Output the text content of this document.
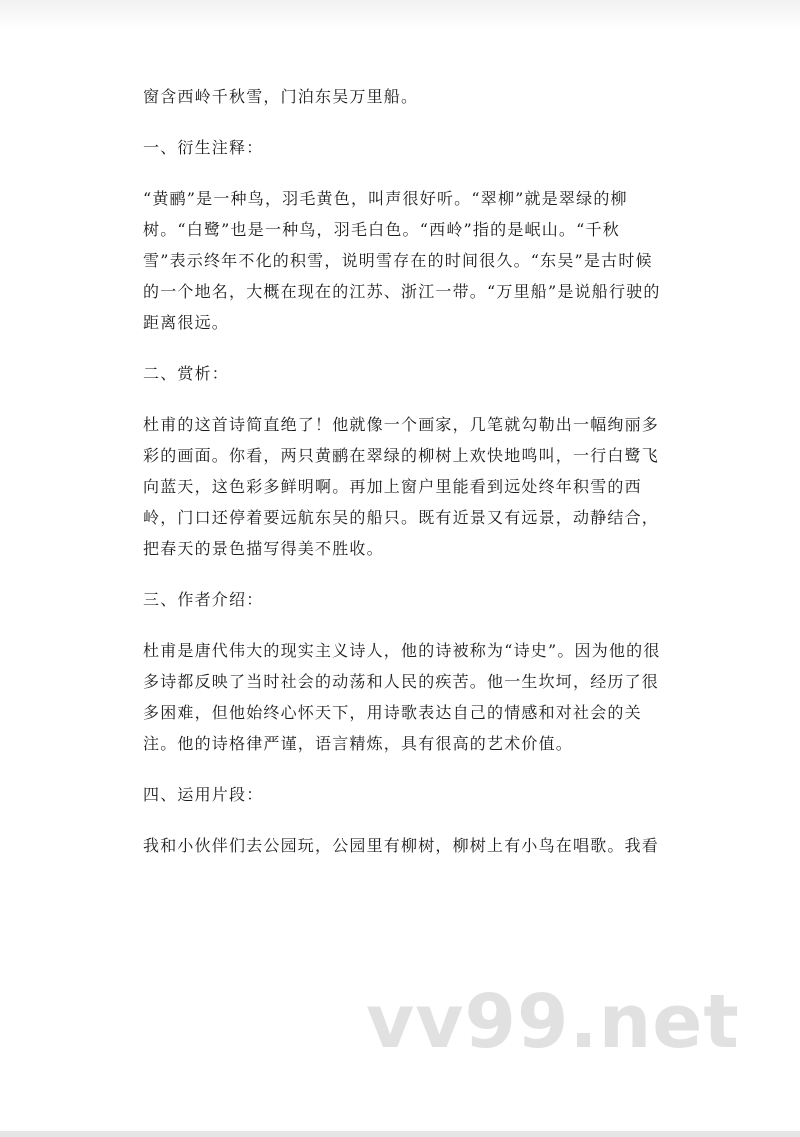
窗含西岭千秋雪，门泊东吴万里船。

一、衍生注释：

“黄鹂”是一种鸟，羽毛黄色，叫声很好听。“翠柳”就是翠绿的柳树。“白鹭”也是一种鸟，羽毛白色。“西岭”指的是岷山。“千秋雪”表示终年不化的积雪，说明雪存在的时间很久。“东吴”是古时候的一个地名，大概在现在的江苏、浙江一带。“万里船”是说船行驶的距离很远。

二、赏析：

杜甫的这首诗简直绝了！他就像一个画家，几笔就勾勒出一幅绚丽多彩的画面。你看，两只黄鹂在翠绿的柳树上欢快地鸣叫，一行白鹭飞向蓝天，这色彩多鲜明啊。再加上窗户里能看到远处终年积雪的西岭，门口还停着要远航东吴的船只。既有近景又有远景，动静结合，把春天的景色描写得美不胜收。

三、作者介绍：

杜甫是唐代伟大的现实主义诗人，他的诗被称为“诗史”。因为他的很多诗都反映了当时社会的动荡和人民的疾苦。他一生坎坷，经历了很多困难，但他始终心怀天下，用诗歌表达自己的情感和对社会的关注。他的诗格律严谨，语言精炼，具有很高的艺术价值。

四、运用片段：

我和小伙伴们去公园玩，公园里有柳树，柳树上有小鸟在唱歌。我看

vv99.net
